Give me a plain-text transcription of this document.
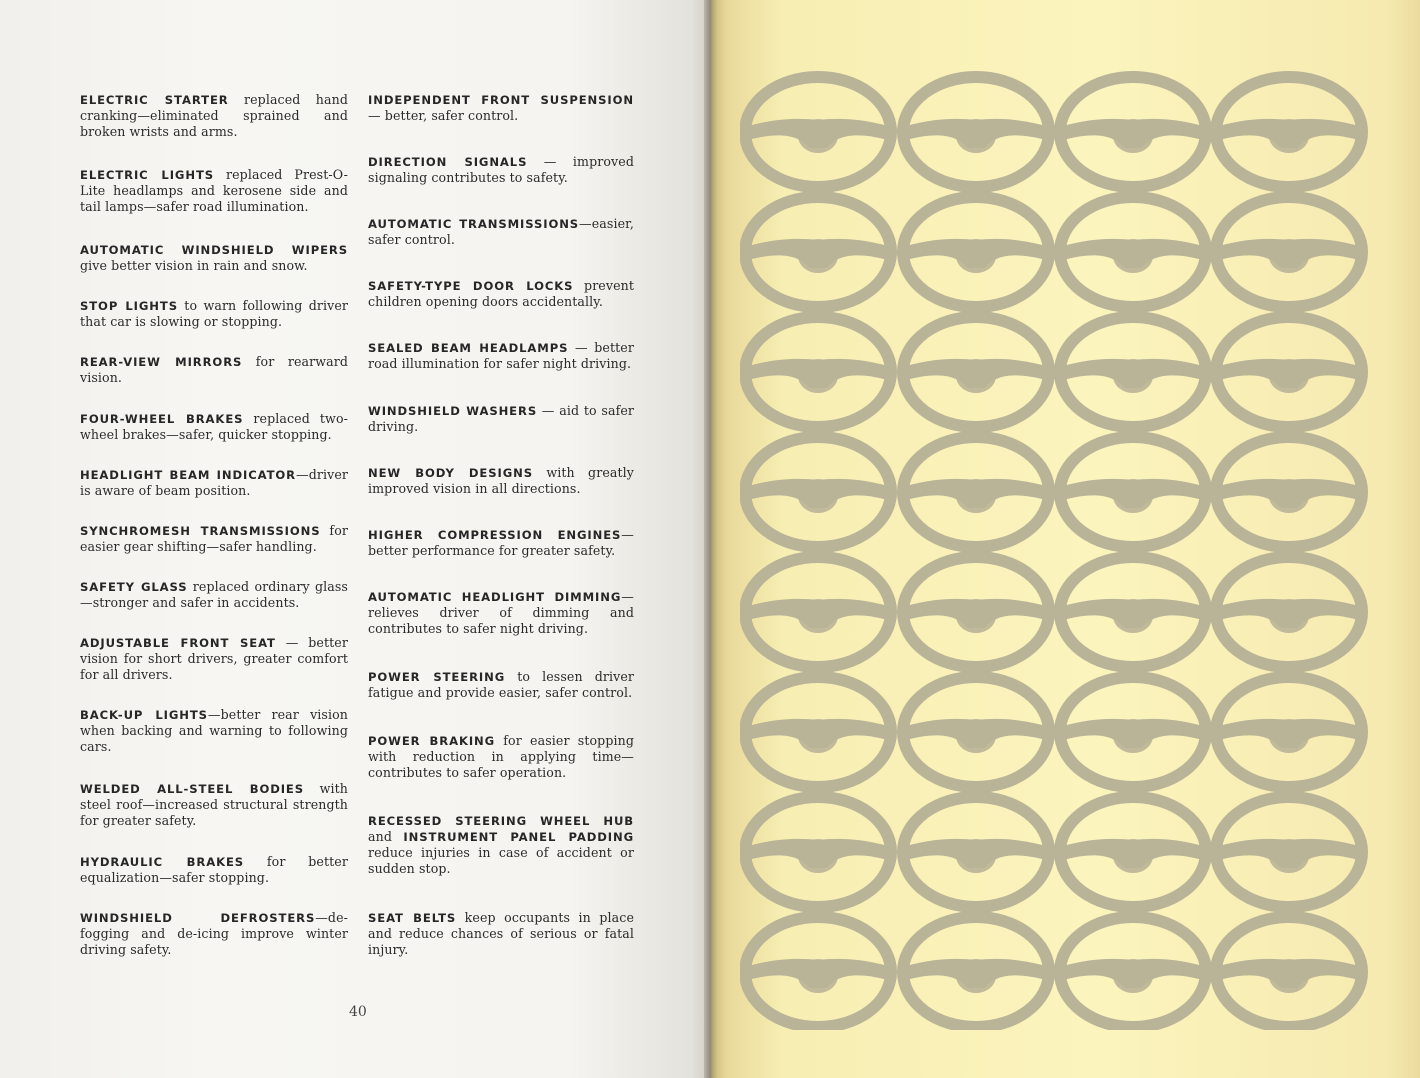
ELECTRIC STARTER replaced hand cranking—eliminated sprained and broken wrists and arms.
ELECTRIC LIGHTS replaced Prest-O-Lite headlamps and kerosene side and tail lamps—safer road illumination.
AUTOMATIC WINDSHIELD WIPERS give better vision in rain and snow.
STOP LIGHTS to warn following driver that car is slowing or stopping.
REAR-VIEW MIRRORS for rearward vision.
FOUR-WHEEL BRAKES replaced two-wheel brakes—safer, quicker stopping.
HEADLIGHT BEAM INDICATOR—driver is aware of beam position.
SYNCHROMESH TRANSMISSIONS for easier gear shifting—safer handling.
SAFETY GLASS replaced ordinary glass —stronger and safer in accidents.
ADJUSTABLE FRONT SEAT — better vision for short drivers, greater comfort for all drivers.
BACK-UP LIGHTS—better rear vision when backing and warning to following cars.
WELDED ALL-STEEL BODIES with steel roof—increased structural strength for greater safety.
HYDRAULIC BRAKES for better equalization—safer stopping.
WINDSHIELD DEFROSTERS—de-fogging and de-icing improve winter driving safety.
INDEPENDENT FRONT SUSPENSION— better, safer control.
DIRECTION SIGNALS — improved signaling contributes to safety.
AUTOMATIC TRANSMISSIONS—easier, safer control.
SAFETY-TYPE DOOR LOCKS prevent children opening doors accidentally.
SEALED BEAM HEADLAMPS — better road illumination for safer night driving.
WINDSHIELD WASHERS — aid to safer driving.
NEW BODY DESIGNS with greatly improved vision in all directions.
HIGHER COMPRESSION ENGINES— better performance for greater safety.
AUTOMATIC HEADLIGHT DIMMING—relieves driver of dimming and contributes to safer night driving.
POWER STEERING to lessen driver fatigue and provide easier, safer control.
POWER BRAKING for easier stopping with reduction in applying time—contributes to safer operation.
RECESSED STEERING WHEEL HUB and INSTRUMENT PANEL PADDING reduce injuries in case of accident or sudden stop.
SEAT BELTS keep occupants in place and reduce chances of serious or fatal injury.
40
